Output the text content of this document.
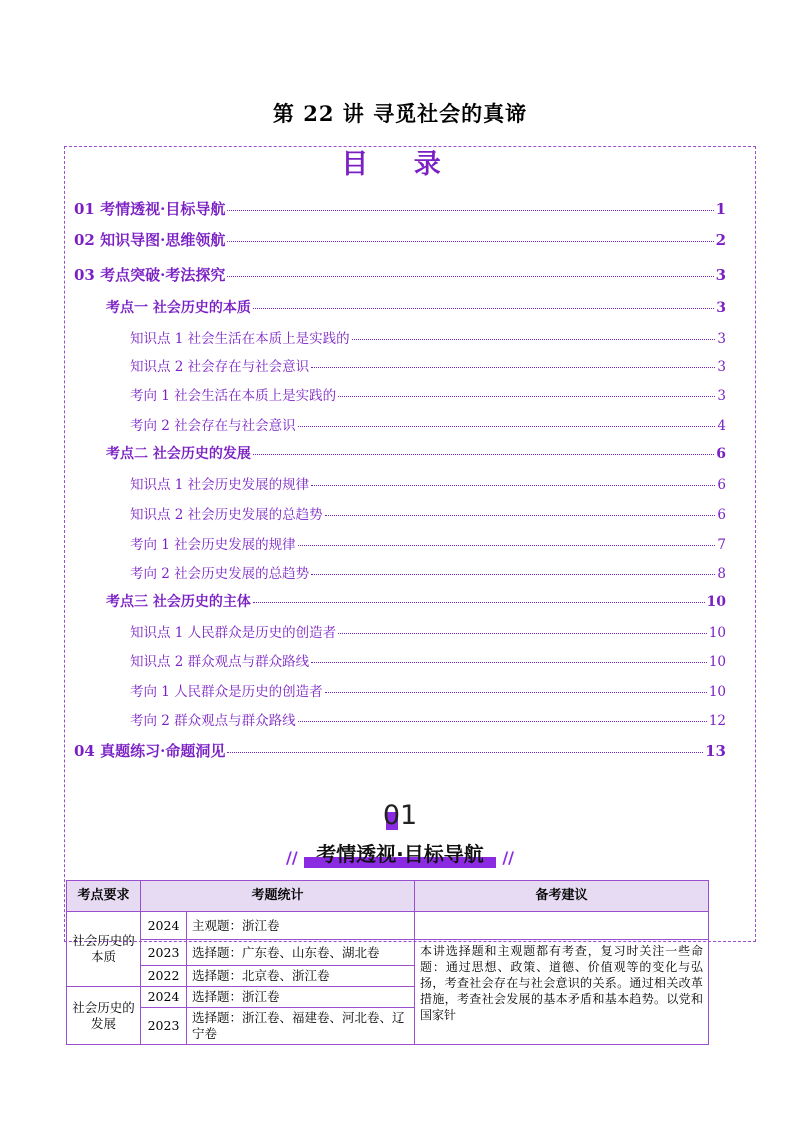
第 22 讲 寻觅社会的真谛
目 录
01 考情透视·目标导航	1
02 知识导图·思维领航	2
03 考点突破·考法探究	3
考点一 社会历史的本质	3
知识点 1 社会生活在本质上是实践的	3
知识点 2 社会存在与社会意识	3
考向 1 社会生活在本质上是实践的	3
考向 2 社会存在与社会意识	4
考点二 社会历史的发展	6
知识点 1 社会历史发展的规律	6
知识点 2 社会历史发展的总趋势	6
考向 1 社会历史发展的规律	7
考向 2 社会历史发展的总趋势	8
考点三 社会历史的主体	10
知识点 1 人民群众是历史的创造者	10
知识点 2 群众观点与群众路线	10
考向 1 人民群众是历史的创造者	10
考向 2 群众观点与群众路线	12
04 真题练习·命题洞见	13
01
//	//
考情透视·目标导航
考点要求	考题统计		备考建议
社会历史的本质	2024	主观题：浙江卷	
	2023	选择题：广东卷、山东卷、湖北卷	本讲选择题和主观题都有考查，复习时关注一些命题：通过思想、政策、道德、价值观等的变化与弘扬，考查社会存在与社会意识的关系。通过相关改革措施，考查社会发展的基本矛盾和基本趋势。以党和国家针
	2022	选择题：北京卷、浙江卷	
社会历史的发展	2024	选择题：浙江卷	
	2023	选择题：浙江卷、福建卷、河北卷、辽宁卷	
